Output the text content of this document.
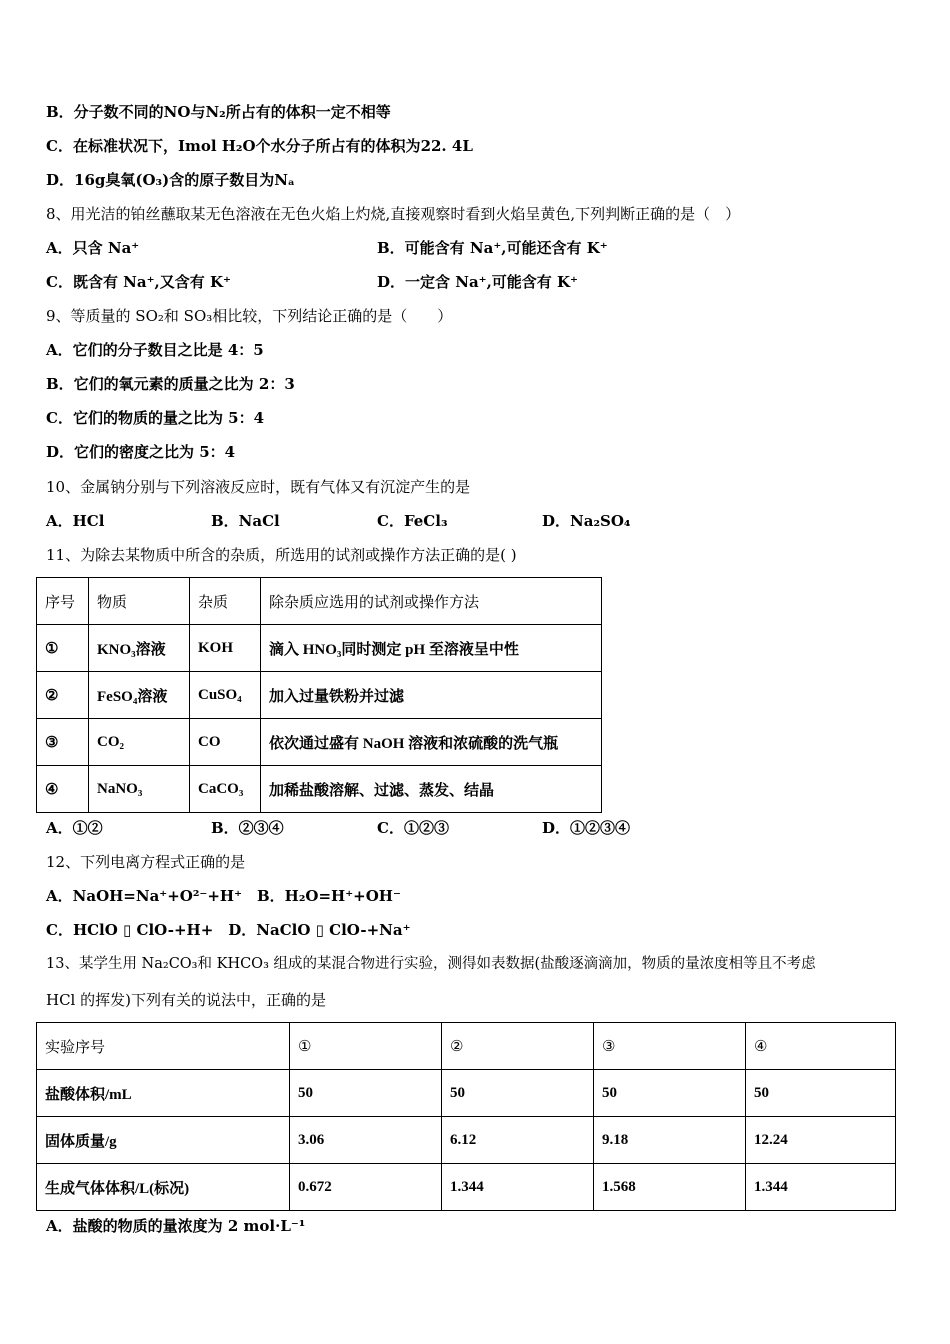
B．分子数不同的NO与N₂所占有的体积一定不相等
C．在标准状况下，Imol H₂O个水分子所占有的体积为22. 4L
D．16g臭氧(O₃)含的原子数目为Nₐ
8、用光洁的铂丝蘸取某无色溶液在无色火焰上灼烧,直接观察时看到火焰呈黄色,下列判断正确的是（　）
A．只含 Na⁺	B．可能含有 Na⁺,可能还含有 K⁺
C．既含有 Na⁺,又含有 K⁺	D．一定含 Na⁺,可能含有 K⁺
9、等质量的 SO₂和 SO₃相比较，下列结论正确的是（　　）
A．它们的分子数目之比是 4：5
B．它们的氧元素的质量之比为 2：3
C．它们的物质的量之比为 5：4
D．它们的密度之比为 5：4
10、金属钠分别与下列溶液反应时，既有气体又有沉淀产生的是
A．HCl	B．NaCl	C．FeCl₃	D．Na₂SO₄
11、为除去某物质中所含的杂质，所选用的试剂或操作方法正确的是( )
序号	物质	杂质	除杂质应选用的试剂或操作方法
①	KNO₃溶液	KOH	滴入 HNO₃同时测定 pH 至溶液呈中性
②	FeSO₄溶液	CuSO₄	加入过量铁粉并过滤
③	CO₂	CO	依次通过盛有 NaOH 溶液和浓硫酸的洗气瓶
④	NaNO₃	CaCO₃	加稀盐酸溶解、过滤、蒸发、结晶
A．①②	B．②③④	C．①②③	D．①②③④
12、下列电离方程式正确的是
A．NaOH=Na⁺+O²⁻+H⁺　B．H₂O=H⁺+OH⁻
C．HClO ▯ ClO-+H+　D．NaClO ▯ ClO-+Na⁺
13、某学生用 Na₂CO₃和 KHCO₃ 组成的某混合物进行实验，测得如表数据(盐酸逐滴滴加，物质的量浓度相等且不考虑
HCl 的挥发)下列有关的说法中，正确的是
实验序号	①	②	③	④
盐酸体积/mL	50	50	50	50
固体质量/g	3.06	6.12	9.18	12.24
生成气体体积/L(标况)	0.672	1.344	1.568	1.344
A．盐酸的物质的量浓度为 2 mol·L⁻¹
